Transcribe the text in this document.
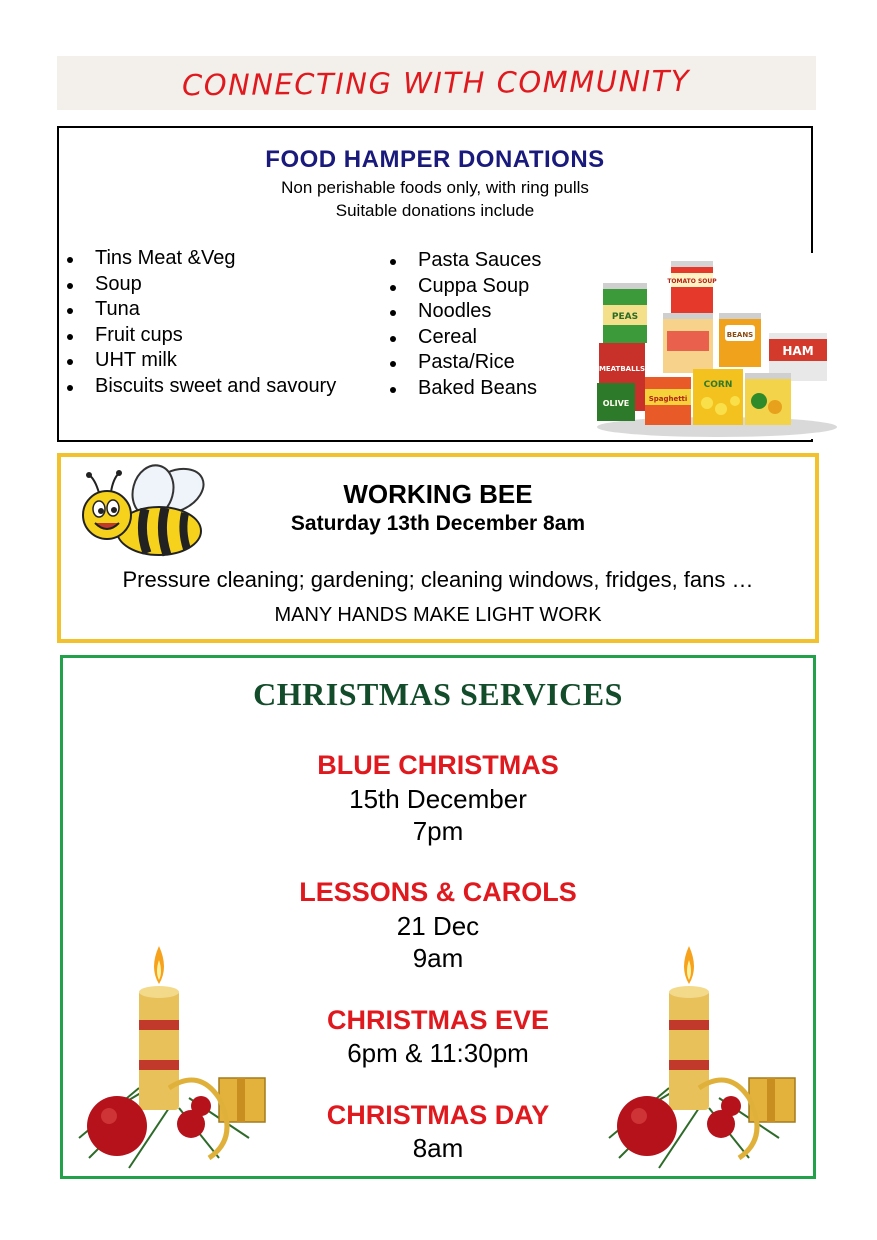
CONNECTING WITH COMMUNITY
FOOD HAMPER DONATIONS
Non perishable foods only, with ring pulls
Suitable donations include
Tins Meat &Veg
Soup
Tuna
Fruit cups
UHT milk
Biscuits sweet and savoury
Pasta Sauces
Cuppa Soup
Noodles
Cereal
Pasta/Rice
Baked Beans
PEAS
TOMATO SOUP
BEANS
HAM
MEATBALLS
OLIVE	Spaghetti
CORN
WORKING BEE
Saturday 13th December 8am
Pressure cleaning; gardening; cleaning windows, fridges, fans …
MANY HANDS MAKE LIGHT WORK
CHRISTMAS SERVICES
BLUE CHRISTMAS
15th December
7pm
LESSONS & CAROLS
21 Dec
9am
CHRISTMAS EVE
6pm & 11:30pm
CHRISTMAS DAY
8am
